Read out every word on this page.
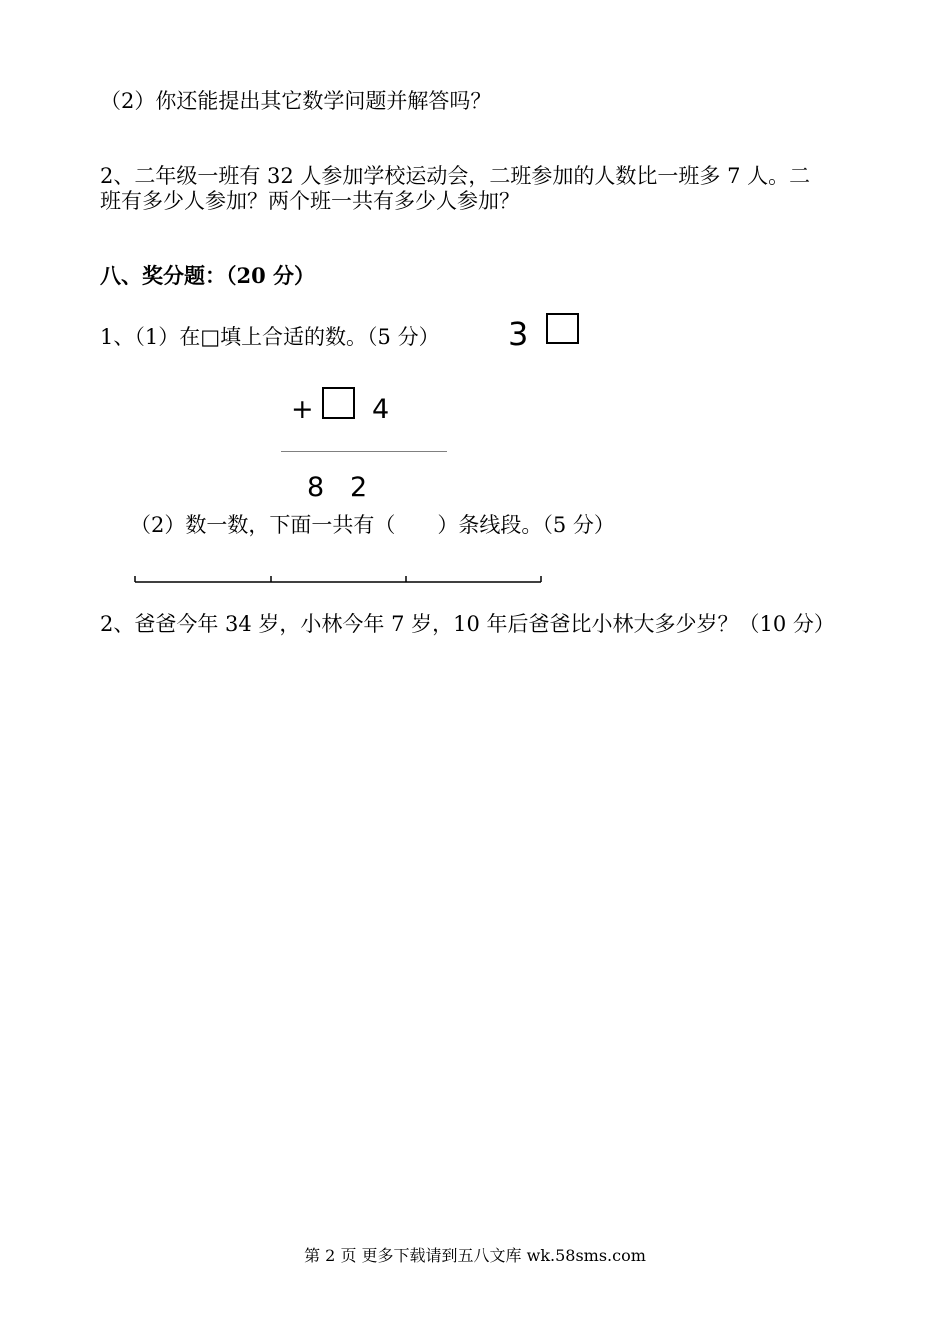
（2）你还能提出其它数学问题并解答吗？
2、二年级一班有 32 人参加学校运动会，二班参加的人数比一班多 7 人。二
班有多少人参加？两个班一共有多少人参加？
八、奖分题：（20 分）
1、（1）在□填上合适的数。（5 分） 3
+ 4
8 2
（2）数一数，下面一共有（　　）条线段。（5 分）
2、爸爸今年 34 岁，小林今年 7 岁，10 年后爸爸比小林大多少岁？（10 分）
第 2 页 更多下载请到五八文库 wk.58sms.com
